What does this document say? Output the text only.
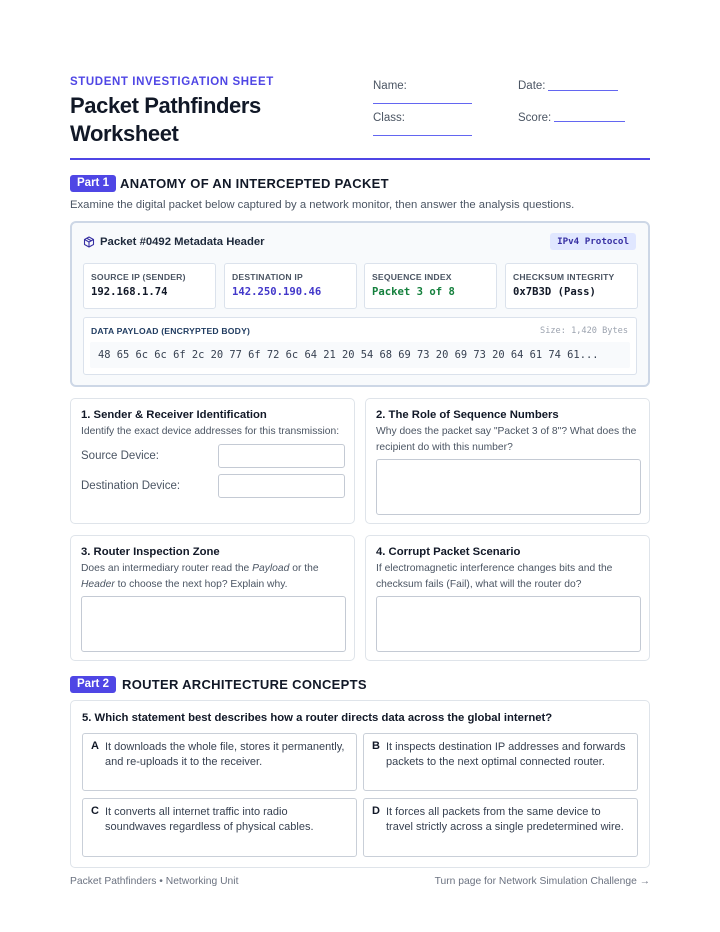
STUDENT INVESTIGATION SHEET
Packet Pathfinders Worksheet
Name:	Date:
Class:	Score:
Part 1 ANATOMY OF AN INTERCEPTED PACKET
Examine the digital packet below captured by a network monitor, then answer the analysis questions.
Packet #0492 Metadata Header	IPv4 Protocol
SOURCE IP (SENDER)
192.168.1.74
DESTINATION IP
142.250.190.46
SEQUENCE INDEX
Packet 3 of 8
CHECKSUM INTEGRITY
0x7B3D (Pass)
DATA PAYLOAD (ENCRYPTED BODY)	Size: 1,420 Bytes
48 65 6c 6c 6f 2c 20 77 6f 72 6c 64 21 20 54 68 69 73 20 69 73 20 64 61 74 61...
1. Sender & Receiver Identification
Identify the exact device addresses for this transmission:
Source Device:
Destination Device:
2. The Role of Sequence Numbers
Why does the packet say "Packet 3 of 8"? What does the recipient do with this number?
3. Router Inspection Zone
Does an intermediary router read the Payload or the
Header to choose the next hop? Explain why.
4. Corrupt Packet Scenario
If electromagnetic interference changes bits and the checksum fails (Fail), what will the router do?
Part 2	ROUTER ARCHITECTURE CONCEPTS
5. Which statement best describes how a router directs data across the global internet?
A It downloads the whole file, stores it permanently, and re-uploads it to the receiver.
B It inspects destination IP addresses and forwards packets to the next optimal connected router.
C It converts all internet traffic into radio soundwaves regardless of physical cables.
D It forces all packets from the same device to travel strictly across a single predetermined wire.
Packet Pathfinders • Networking Unit	Turn page for Network Simulation Challenge →
